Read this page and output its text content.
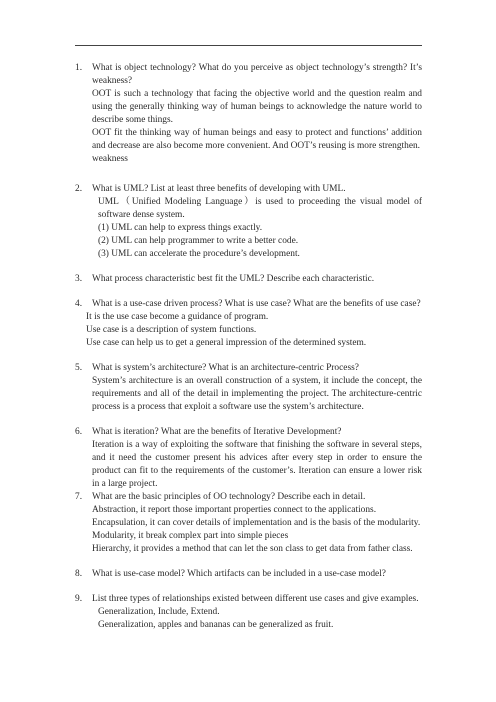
1. What is object technology? What do you perceive as object technology’s strength? It’s weakness?
OOT is such a technology that facing the objective world and the question realm and using the generally thinking way of human beings to acknowledge the nature world to describe some things.
OOT fit the thinking way of human beings and easy to protect and functions’ addition and decrease are also become more convenient. And OOT’s reusing is more strengthen.
weakness
2. What is UML? List at least three benefits of developing with UML.
UML（Unified Modeling Language）is used to proceeding the visual model of software dense system.
(1) UML can help to express things exactly.
(2) UML can help programmer to write a better code.
(3) UML can accelerate the procedure’s development.
3. What process characteristic best fit the UML? Describe each characteristic.
4. What is a use-case driven process? What is use case? What are the benefits of use case?
It is the use case become a guidance of program.
Use case is a description of system functions.
Use case can help us to get a general impression of the determined system.
5. What is system’s architecture? What is an architecture-centric Process?
System’s architecture is an overall construction of a system, it include the concept, the requirements and all of the detail in implementing the project. The architecture-centric process is a process that exploit a software use the system’s architecture.
6. What is iteration? What are the benefits of Iterative Development?
Iteration is a way of exploiting the software that finishing the software in several steps, and it need the customer present his advices after every step in order to ensure the product can fit to the requirements of the customer’s. Iteration can ensure a lower risk in a large project.
7. What are the basic principles of OO technology? Describe each in detail.
Abstraction, it report those important properties connect to the applications.
Encapsulation, it can cover details of implementation and is the basis of the modularity.
Modularity, it break complex part into simple pieces
Hierarchy, it provides a method that can let the son class to get data from father class.
8. What is use-case model? Which artifacts can be included in a use-case model?
9. List three types of relationships existed between different use cases and give examples.
Generalization, Include, Extend.
Generalization, apples and bananas can be generalized as fruit.
